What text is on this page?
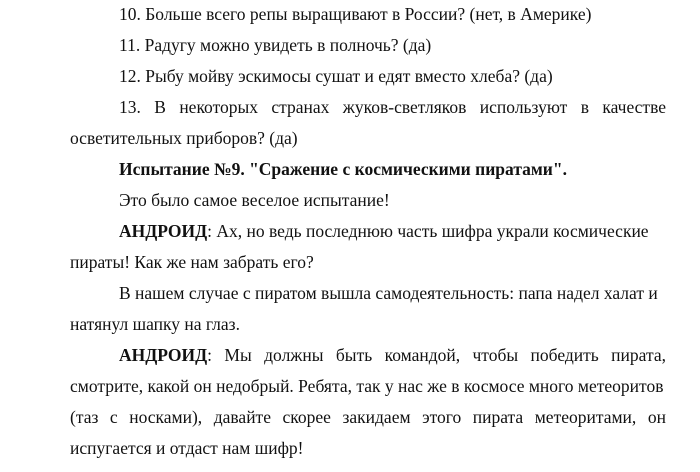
10. Больше всего репы выращивают в России? (нет, в Америке)
11. Радугу можно увидеть в полночь? (да)
12. Рыбу мойву эскимосы сушат и едят вместо хлеба? (да)
13. В некоторых странах жуков-светляков используют в качестве
осветительных приборов? (да)
Испытание №9. "Сражение с космическими пиратами".
Это было самое веселое испытание!
АНДРОИД: Ах, но ведь последнюю часть шифра украли космические
пираты! Как же нам забрать его?
В нашем случае с пиратом вышла самодеятельность: папа надел халат и
натянул шапку на глаз.
АНДРОИД: Мы должны быть командой, чтобы победить пирата,
смотрите, какой он недобрый. Ребята, так у нас же в космосе много метеоритов
(таз с носками), давайте скорее закидаем этого пирата метеоритами, он
испугается и отдаст нам шифр!
